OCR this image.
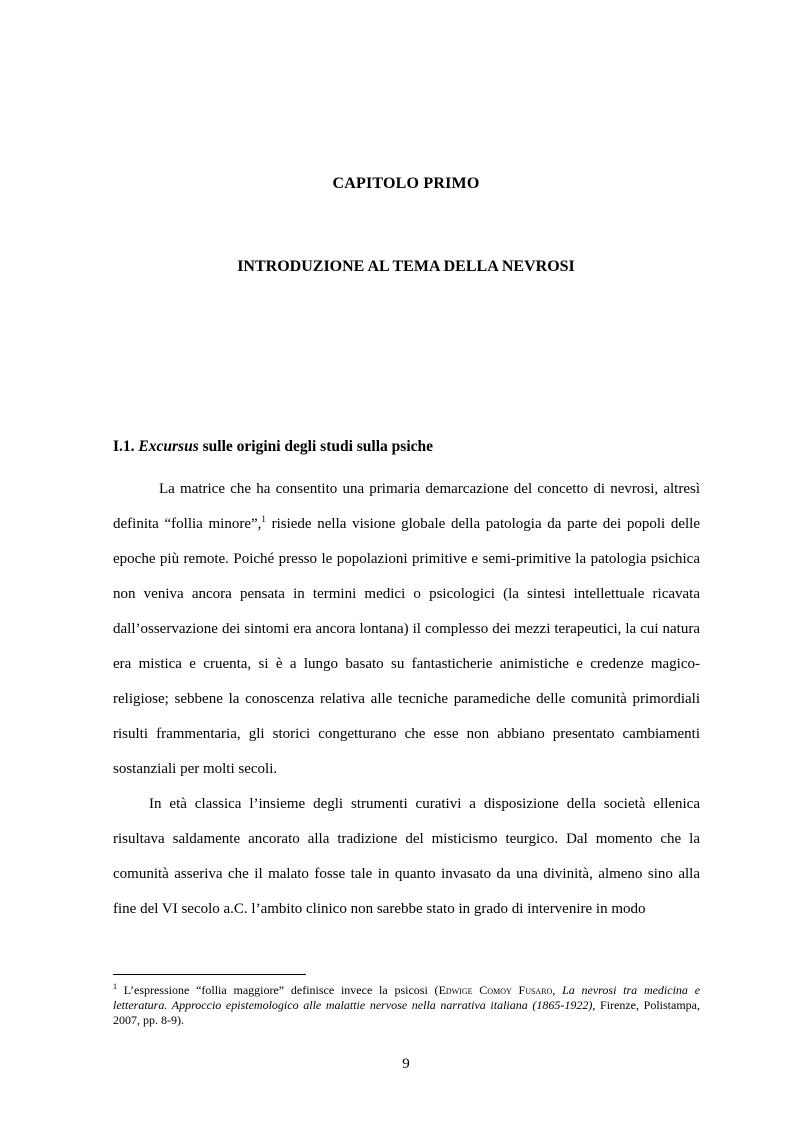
CAPITOLO PRIMO
INTRODUZIONE AL TEMA DELLA NEVROSI
I.1. Excursus sulle origini degli studi sulla psiche

La matrice che ha consentito una primaria demarcazione del concetto di nevrosi, altresì definita “follia minore”,$^1$ risiede nella visione globale della patologia da parte dei popoli delle epoche più remote. Poiché presso le popolazioni primitive e semi-primitive la patologia psichica non veniva ancora pensata in termini medici o psicologici (la sintesi intellettuale ricavata dall’osservazione dei sintomi era ancora lontana) il complesso dei mezzi terapeutici, la cui natura era mistica e cruenta, si è a lungo basato su fantasticherie animistiche e credenze magico-religiose; sebbene la conoscenza relativa alle tecniche paramediche delle comunità primordiali risulti frammentaria, gli storici congetturano che esse non abbiano presentato cambiamenti sostanziali per molti secoli.

In età classica l’insieme degli strumenti curativi a disposizione della società ellenica risultava saldamente ancorato alla tradizione del misticismo teurgico. Dal momento che la comunità asseriva che il malato fosse tale in quanto invasato da una divinità, almeno sino alla fine del VI secolo a.C. l’ambito clinico non sarebbe stato in grado di intervenire in modo

$^1$ L’espressione “follia maggiore” definisce invece la psicosi (Edwige Comoy Fusaro, La nevrosi tra medicina e letteratura. Approccio epistemologico alle malattie nervose nella narrativa italiana (1865-1922), Firenze, Polistampa, 2007, pp. 8-9).
9
